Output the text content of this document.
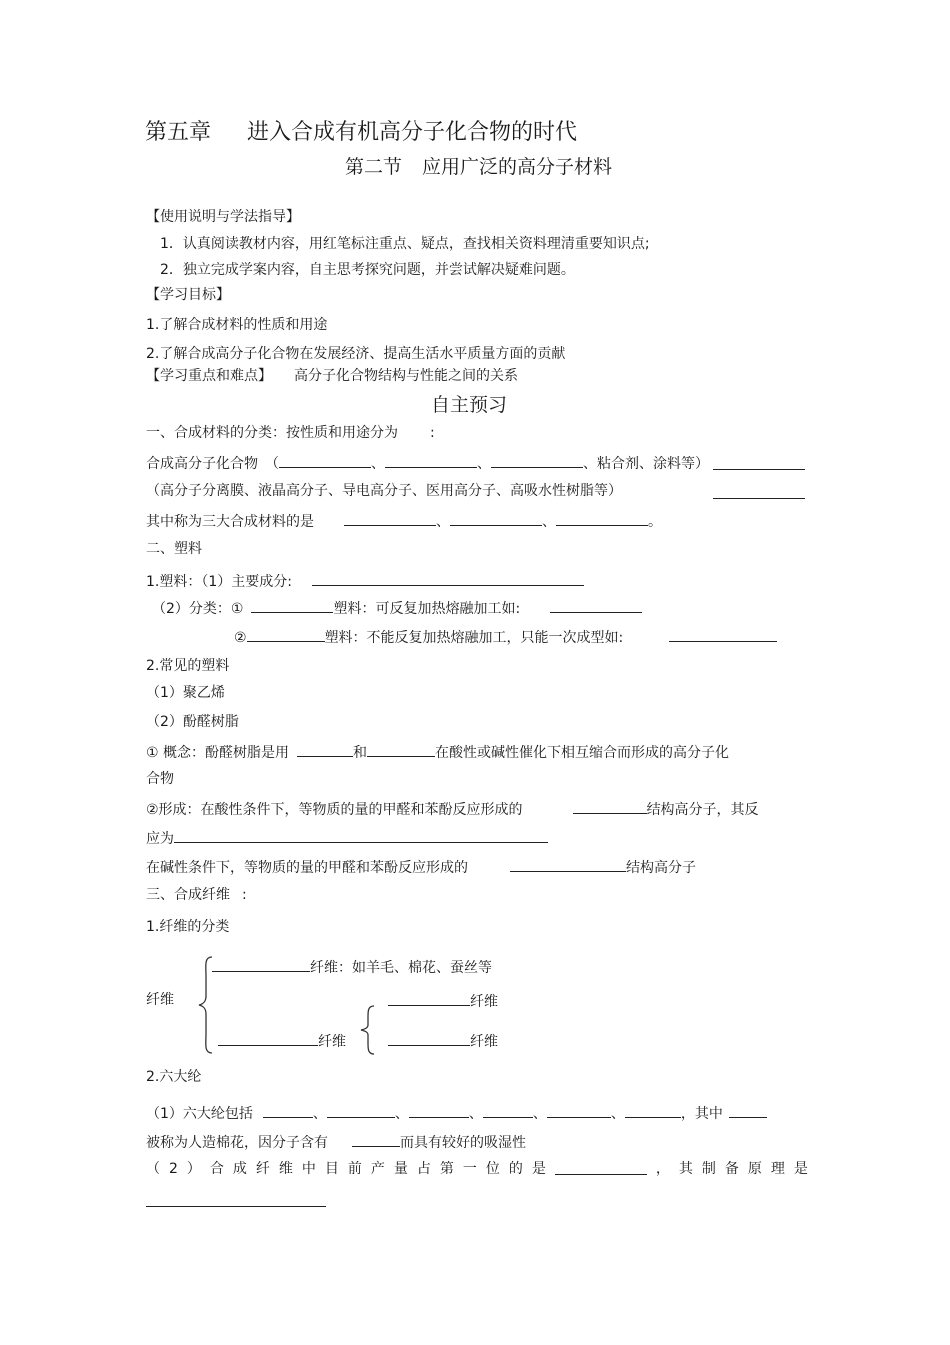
第五章 进入合成有机高分子化合物的时代
第二节 应用广泛的高分子材料
【使用说明与学法指导】
1．认真阅读教材内容，用红笔标注重点、疑点，查找相关资料理清重要知识点;
2．独立完成学案内容，自主思考探究问题，并尝试解决疑难问题。
【学习目标】
1.了解合成材料的性质和用途
2.了解合成高分子化合物在发展经济、提高生活水平质量方面的贡献
【学习重点和难点】 高分子化合物结构与性能之间的关系
自主预习
一、合成材料的分类：按性质和用途分为 :
合成高分子化合物　（	、	、	、粘合剂、涂料等）
（高分子分离膜、液晶高分子、导电高分子、医用高分子、高吸水性树脂等）
其中称为三大合成材料的是	、	、	。
二、塑料
1.塑料：（1）主要成分:
（2）分类：①	塑料：可反复加热熔融加工如:
②	塑料：不能反复加热熔融加工，只能一次成型如:
2.常见的塑料
（1）聚乙烯
（2）酚醛树脂
① 概念：酚醛树脂是用	和	在酸性或碱性催化下相互缩合而形成的高分子化
合物
②形成：在酸性条件下，等物质的量的甲醛和苯酚反应形成的	结构高分子，其反
应为
在碱性条件下，等物质的量的甲醛和苯酚反应形成的	结构高分子
三、合成纤维 :
1.纤维的分类
纤维
纤维：如羊毛、棉花、蚕丝等
纤维
纤维
纤维
2.六大纶
（1）六大纶包括	、	、	、	、	、	，其中
被称为人造棉花，因分子含有	而具有较好的吸湿性
（ 2 ） 合 成 纤 维 中 目 前 产 量 占 第 一 位 的 是	， 其 制 备 原 理 是
